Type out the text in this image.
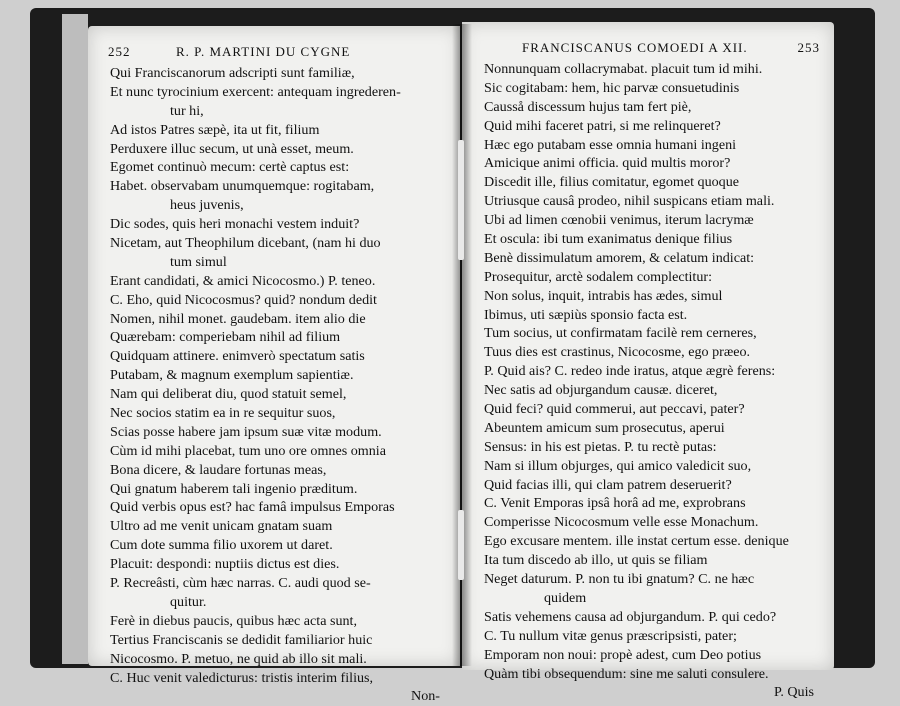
252	R. P. MARTINI DU CYGNE
Qui Franciscanorum adscripti sunt familiæ,
Et nunc tyrocinium exercent: antequam ingrederen-
tur hi,
Ad istos Patres sæpè, ita ut fit, filium
Perduxere illuc secum, ut unà esset, meum.
Egomet continuò mecum: certè captus est:
Habet. observabam unumquemque: rogitabam,
heus juvenis,
Dic sodes, quis heri monachi vestem induit?
Nicetam, aut Theophilum dicebant, (nam hi duo
tum simul
Erant candidati, & amici Nicocosmo.) P. teneo.
C. Eho, quid Nicocosmus? quid? nondum dedit
Nomen, nihil monet. gaudebam. item alio die
Quærebam: comperiebam nihil ad filium
Quidquam attinere. enimverò spectatum satis
Putabam, & magnum exemplum sapientiæ.
Nam qui deliberat diu, quod statuit semel,
Nec socios statim ea in re sequitur suos,
Scias posse habere jam ipsum suæ vitæ modum.
Cùm id mihi placebat, tum uno ore omnes omnia
Bona dicere, & laudare fortunas meas,
Qui gnatum haberem tali ingenio præditum.
Quid verbis opus est? hac famâ impulsus Emporas
Ultro ad me venit unicam gnatam suam
Cum dote summa filio uxorem ut daret.
Placuit: despondi: nuptiis dictus est dies.
P. Recreâsti, cùm hæc narras. C. audi quod se-
quitur.
Ferè in diebus paucis, quibus hæc acta sunt,
Tertius Franciscanis se dedidit familiarior huic
Nicocosmo. P. metuo, ne quid ab illo sit mali.
C. Huc venit valedicturus: tristis interim filius,
Non-
FRANCISCANUS COMOEDI A XII.	253
Nonnunquam collacrymabat. placuit tum id mihi.
Sic cogitabam: hem, hic parvæ consuetudinis
Causså discessum hujus tam fert piè,
Quid mihi faceret patri, si me relinqueret?
Hæc ego putabam esse omnia humani ingeni
Amicique animi officia. quid multis moror?
Discedit ille, filius comitatur, egomet quoque
Utriusque causâ prodeo, nihil suspicans etiam mali.
Ubi ad limen cœnobii venimus, iterum lacrymæ
Et oscula: ibi tum exanimatus denique filius
Benè dissimulatum amorem, & celatum indicat:
Prosequitur, arctè sodalem complectitur:
Non solus, inquit, intrabis has ædes, simul
Ibimus, uti sæpiùs sponsio facta est.
Tum socius, ut confirmatam facilè rem cerneres,
Tuus dies est crastinus, Nicocosme, ego præeo.
P. Quid ais? C. redeo inde iratus, atque ægrè ferens:
Nec satis ad objurgandum causæ. diceret,
Quid feci? quid commerui, aut peccavi, pater?
Abeuntem amicum sum prosecutus, aperui
Sensus: in his est pietas. P. tu rectè putas:
Nam si illum objurges, qui amico valedicit suo,
Quid facias illi, qui clam patrem deseruerit?
C. Venit Emporas ipsâ horâ ad me, exprobrans
Comperisse Nicocosmum velle esse Monachum.
Ego excusare mentem. ille instat certum esse. denique
Ita tum discedo ab illo, ut quis se filiam
Neget daturum. P. non tu ibi gnatum? C. ne hæc
quidem
Satis vehemens causa ad objurgandum. P. qui cedo?
C. Tu nullum vitæ genus præscripsisti, pater;
Emporam non noui: propè adest, cum Deo potius
Quàm tibi obsequendum: sine me saluti consulere.
P. Quis
